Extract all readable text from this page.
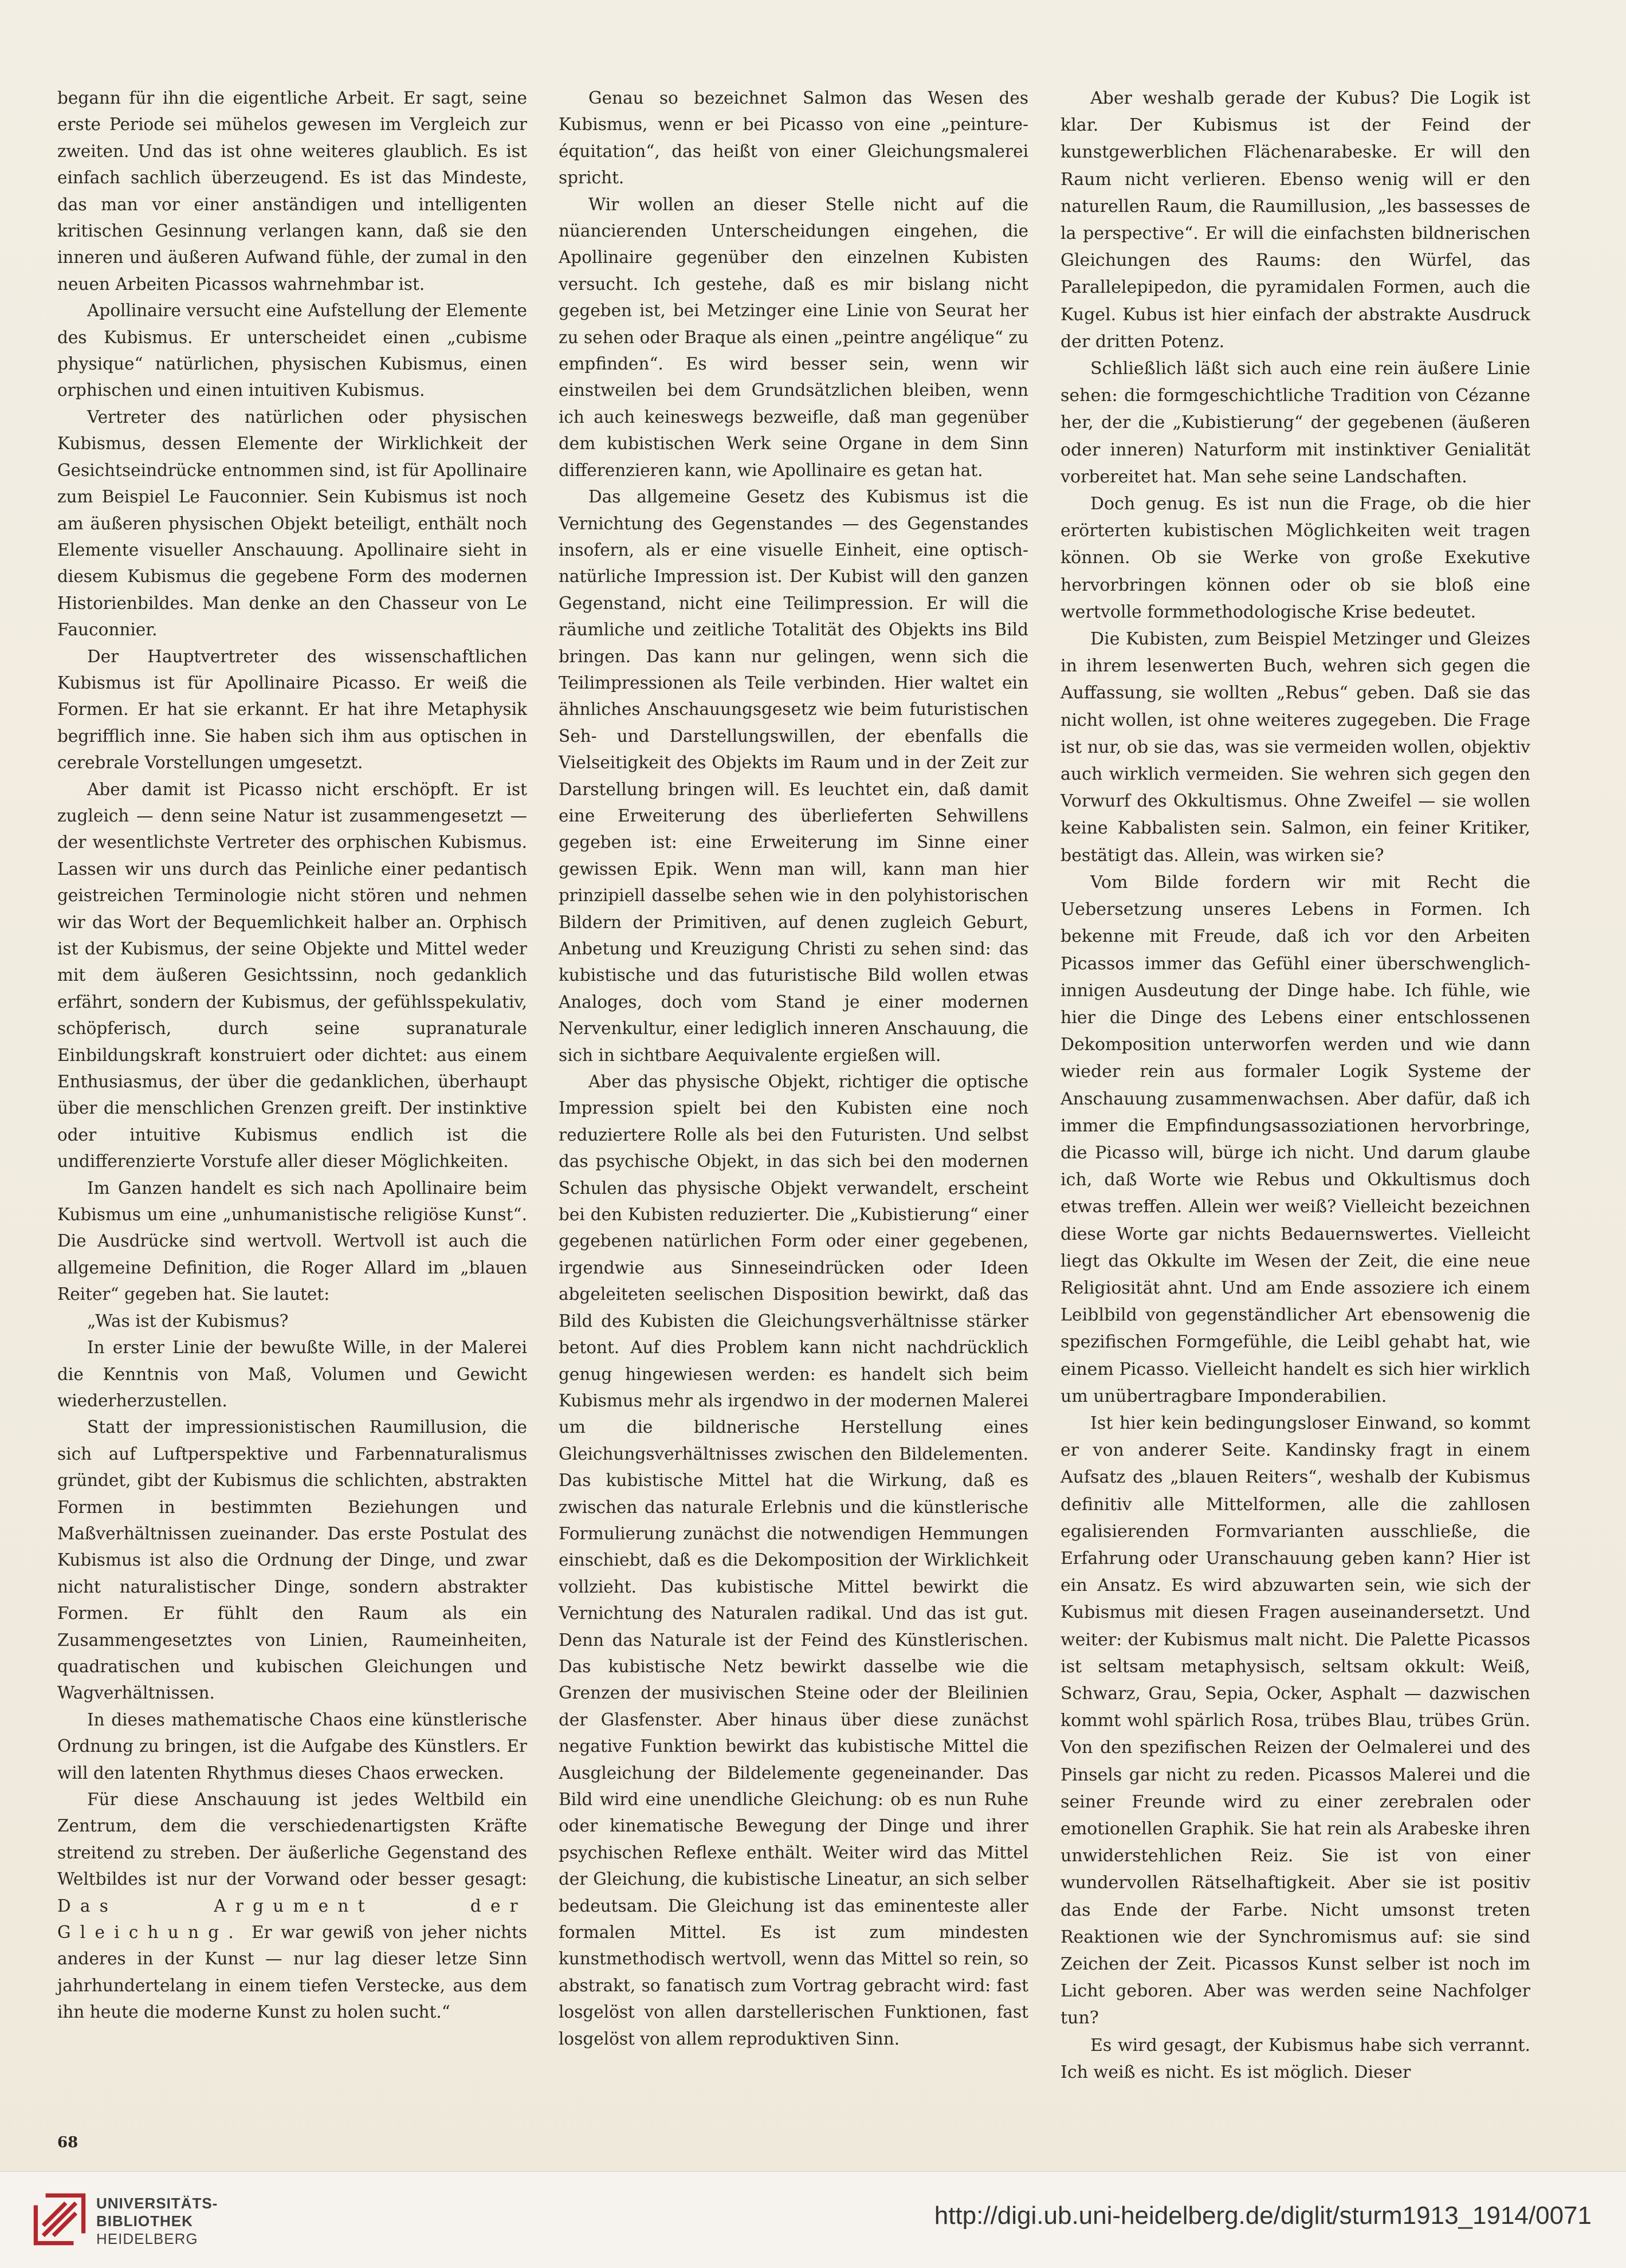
begann für ihn die eigentliche Arbeit. Er sagt, seine erste Periode sei mühelos gewesen im Vergleich zur zweiten. Und das ist ohne weiteres glaublich. Es ist einfach sachlich überzeugend. Es ist das Mindeste, das man vor einer anständigen und intelligenten kritischen Gesinnung verlangen kann, daß sie den inneren und äußeren Aufwand fühle, der zumal in den neuen Arbeiten Picassos wahrnehmbar ist.

Apollinaire versucht eine Aufstellung der Elemente des Kubismus. Er unterscheidet einen „cubisme physique“ natürlichen, physischen Kubismus, einen orphischen und einen intuitiven Kubismus.

Vertreter des natürlichen oder physischen Kubismus, dessen Elemente der Wirklichkeit der Gesichtseindrücke entnommen sind, ist für Apollinaire zum Beispiel Le Fauconnier. Sein Kubismus ist noch am äußeren physischen Objekt beteiligt, enthält noch Elemente visueller Anschauung. Apollinaire sieht in diesem Kubismus die gegebene Form des modernen Historienbildes. Man denke an den Chasseur von Le Fauconnier.

Der Hauptvertreter des wissenschaftlichen Kubismus ist für Apollinaire Picasso. Er weiß die Formen. Er hat sie erkannt. Er hat ihre Metaphysik begrifflich inne. Sie haben sich ihm aus optischen in cerebrale Vorstellungen umgesetzt.

Aber damit ist Picasso nicht erschöpft. Er ist zugleich — denn seine Natur ist zusammengesetzt — der wesentlichste Vertreter des orphischen Kubismus. Lassen wir uns durch das Peinliche einer pedantisch geistreichen Terminologie nicht stören und nehmen wir das Wort der Bequemlichkeit halber an. Orphisch ist der Kubismus, der seine Objekte und Mittel weder mit dem äußeren Gesichtssinn, noch gedanklich erfährt, sondern der Kubismus, der gefühlsspekulativ, schöpferisch, durch seine supranaturale Einbildungskraft konstruiert oder dichtet: aus einem Enthusiasmus, der über die gedanklichen, überhaupt über die menschlichen Grenzen greift. Der instinktive oder intuitive Kubismus endlich ist die undifferenzierte Vorstufe aller dieser Möglichkeiten.

Im Ganzen handelt es sich nach Apollinaire beim Kubismus um eine „unhumanistische religiöse Kunst“. Die Ausdrücke sind wertvoll. Wertvoll ist auch die allgemeine Definition, die Roger Allard im „blauen Reiter“ gegeben hat. Sie lautet:

„Was ist der Kubismus?

In erster Linie der bewußte Wille, in der Malerei die Kenntnis von Maß, Volumen und Gewicht wiederherzustellen.

Statt der impressionistischen Raumillusion, die sich auf Luftperspektive und Farbennaturalismus gründet, gibt der Kubismus die schlichten, abstrakten Formen in bestimmten Beziehungen und Maßverhältnissen zueinander. Das erste Postulat des Kubismus ist also die Ordnung der Dinge, und zwar nicht naturalistischer Dinge, sondern abstrakter Formen. Er fühlt den Raum als ein Zusammengesetztes von Linien, Raumeinheiten, quadratischen und kubischen Gleichungen und Wagverhältnissen.

In dieses mathematische Chaos eine künstlerische Ordnung zu bringen, ist die Aufgabe des Künstlers. Er will den latenten Rhythmus dieses Chaos erwecken.

Für diese Anschauung ist jedes Weltbild ein Zentrum, dem die verschiedenartigsten Kräfte streitend zu streben. Der äußerliche Gegenstand des Weltbildes ist nur der Vorwand oder besser gesagt: Das Argument der Gleichung. Er war gewiß von jeher nichts anderes in der Kunst — nur lag dieser letze Sinn jahrhundertelang in einem tiefen Verstecke, aus dem ihn heute die moderne Kunst zu holen sucht.“

Genau so bezeichnet Salmon das Wesen des Kubismus, wenn er bei Picasso von eine „peinture-équitation“, das heißt von einer Gleichungsmalerei spricht.

Wir wollen an dieser Stelle nicht auf die nüancierenden Unterscheidungen eingehen, die Apollinaire gegenüber den einzelnen Kubisten versucht. Ich gestehe, daß es mir bislang nicht gegeben ist, bei Metzinger eine Linie von Seurat her zu sehen oder Braque als einen „peintre angélique“ zu empfinden“. Es wird besser sein, wenn wir einstweilen bei dem Grundsätzlichen bleiben, wenn ich auch keineswegs bezweifle, daß man gegenüber dem kubistischen Werk seine Organe in dem Sinn differenzieren kann, wie Apollinaire es getan hat.

Das allgemeine Gesetz des Kubismus ist die Vernichtung des Gegenstandes — des Gegenstandes insofern, als er eine visuelle Einheit, eine optisch-natürliche Impression ist. Der Kubist will den ganzen Gegenstand, nicht eine Teilimpression. Er will die räumliche und zeitliche Totalität des Objekts ins Bild bringen. Das kann nur gelingen, wenn sich die Teilimpressionen als Teile verbinden. Hier waltet ein ähnliches Anschauungsgesetz wie beim futuristischen Seh- und Darstellungswillen, der ebenfalls die Vielseitigkeit des Objekts im Raum und in der Zeit zur Darstellung bringen will. Es leuchtet ein, daß damit eine Erweiterung des überlieferten Sehwillens gegeben ist: eine Erweiterung im Sinne einer gewissen Epik. Wenn man will, kann man hier prinzipiell dasselbe sehen wie in den polyhistorischen Bildern der Primitiven, auf denen zugleich Geburt, Anbetung und Kreuzigung Christi zu sehen sind: das kubistische und das futuristische Bild wollen etwas Analoges, doch vom Stand je einer modernen Nervenkultur, einer lediglich inneren Anschauung, die sich in sichtbare Aequivalente ergießen will.

Aber das physische Objekt, richtiger die optische Impression spielt bei den Kubisten eine noch reduziertere Rolle als bei den Futuristen. Und selbst das psychische Objekt, in das sich bei den modernen Schulen das physische Objekt verwandelt, erscheint bei den Kubisten reduzierter. Die „Kubistierung“ einer gegebenen natürlichen Form oder einer gegebenen, irgendwie aus Sinneseindrücken oder Ideen abgeleiteten seelischen Disposition bewirkt, daß das Bild des Kubisten die Gleichungsverhältnisse stärker betont. Auf dies Problem kann nicht nachdrücklich genug hingewiesen werden: es handelt sich beim Kubismus mehr als irgendwo in der modernen Malerei um die bildnerische Herstellung eines Gleichungsverhältnisses zwischen den Bildelementen. Das kubistische Mittel hat die Wirkung, daß es zwischen das naturale Erlebnis und die künstlerische Formulierung zunächst die notwendigen Hemmungen einschiebt, daß es die Dekomposition der Wirklichkeit vollzieht. Das kubistische Mittel bewirkt die Vernichtung des Naturalen radikal. Und das ist gut. Denn das Naturale ist der Feind des Künstlerischen. Das kubistische Netz bewirkt dasselbe wie die Grenzen der musivischen Steine oder der Bleilinien der Glasfenster. Aber hinaus über diese zunächst negative Funktion bewirkt das kubistische Mittel die Ausgleichung der Bildelemente gegeneinander. Das Bild wird eine unendliche Gleichung: ob es nun Ruhe oder kinematische Bewegung der Dinge und ihrer psychischen Reflexe enthält. Weiter wird das Mittel der Gleichung, die kubistische Lineatur, an sich selber bedeutsam. Die Gleichung ist das eminenteste aller formalen Mittel. Es ist zum mindesten kunstmethodisch wertvoll, wenn das Mittel so rein, so abstrakt, so fanatisch zum Vortrag gebracht wird: fast losgelöst von allen darstellerischen Funktionen, fast losgelöst von allem reproduktiven Sinn.

Aber weshalb gerade der Kubus? Die Logik ist klar. Der Kubismus ist der Feind der kunstgewerblichen Flächenarabeske. Er will den Raum nicht verlieren. Ebenso wenig will er den naturellen Raum, die Raumillusion, „les bassesses de la perspective“. Er will die einfachsten bildnerischen Gleichungen des Raums: den Würfel, das Parallelepipedon, die pyramidalen Formen, auch die Kugel. Kubus ist hier einfach der abstrakte Ausdruck der dritten Potenz.

Schließlich läßt sich auch eine rein äußere Linie sehen: die formgeschichtliche Tradition von Cézanne her, der die „Kubistierung“ der gegebenen (äußeren oder inneren) Naturform mit instinktiver Genialität vorbereitet hat. Man sehe seine Landschaften.

Doch genug. Es ist nun die Frage, ob die hier erörterten kubistischen Möglichkeiten weit tragen können. Ob sie Werke von große Exekutive hervorbringen können oder ob sie bloß eine wertvolle formmethodologische Krise bedeutet.

Die Kubisten, zum Beispiel Metzinger und Gleizes in ihrem lesenwerten Buch, wehren sich gegen die Auffassung, sie wollten „Rebus“ geben. Daß sie das nicht wollen, ist ohne weiteres zugegeben. Die Frage ist nur, ob sie das, was sie vermeiden wollen, objektiv auch wirklich vermeiden. Sie wehren sich gegen den Vorwurf des Okkultismus. Ohne Zweifel — sie wollen keine Kabbalisten sein. Salmon, ein feiner Kritiker, bestätigt das. Allein, was wirken sie?

Vom Bilde fordern wir mit Recht die Uebersetzung unseres Lebens in Formen. Ich bekenne mit Freude, daß ich vor den Arbeiten Picassos immer das Gefühl einer überschwenglich-innigen Ausdeutung der Dinge habe. Ich fühle, wie hier die Dinge des Lebens einer entschlossenen Dekomposition unterworfen werden und wie dann wieder rein aus formaler Logik Systeme der Anschauung zusammenwachsen. Aber dafür, daß ich immer die Empfindungsassoziationen hervorbringe, die Picasso will, bürge ich nicht. Und darum glaube ich, daß Worte wie Rebus und Okkultismus doch etwas treffen. Allein wer weiß? Vielleicht bezeichnen diese Worte gar nichts Bedauernswertes. Vielleicht liegt das Okkulte im Wesen der Zeit, die eine neue Religiosität ahnt. Und am Ende assoziere ich einem Leiblbild von gegenständlicher Art ebensowenig die spezifischen Formgefühle, die Leibl gehabt hat, wie einem Picasso. Vielleicht handelt es sich hier wirklich um unübertragbare Imponderabilien.

Ist hier kein bedingungsloser Einwand, so kommt er von anderer Seite. Kandinsky fragt in einem Aufsatz des „blauen Reiters“, weshalb der Kubismus definitiv alle Mittelformen, alle die zahllosen egalisierenden Formvarianten ausschließe, die Erfahrung oder Uranschauung geben kann? Hier ist ein Ansatz. Es wird abzuwarten sein, wie sich der Kubismus mit diesen Fragen auseinandersetzt. Und weiter: der Kubismus malt nicht. Die Palette Picassos ist seltsam metaphysisch, seltsam okkult: Weiß, Schwarz, Grau, Sepia, Ocker, Asphalt — dazwischen kommt wohl spärlich Rosa, trübes Blau, trübes Grün. Von den spezifischen Reizen der Oelmalerei und des Pinsels gar nicht zu reden. Picassos Malerei und die seiner Freunde wird zu einer zerebralen oder emotionellen Graphik. Sie hat rein als Arabeske ihren unwiderstehlichen Reiz. Sie ist von einer wundervollen Rätselhaftigkeit. Aber sie ist positiv das Ende der Farbe. Nicht umsonst treten Reaktionen wie der Synchromismus auf: sie sind Zeichen der Zeit. Picassos Kunst selber ist noch im Licht geboren. Aber was werden seine Nachfolger tun?

Es wird gesagt, der Kubismus habe sich verrannt. Ich weiß es nicht. Es ist möglich. Dieser

68
UNIVERSITÄTS-
BIBLIOTHEK
HEIDELBERG
http://digi.ub.uni-heidelberg.de/diglit/sturm1913_1914/0071
